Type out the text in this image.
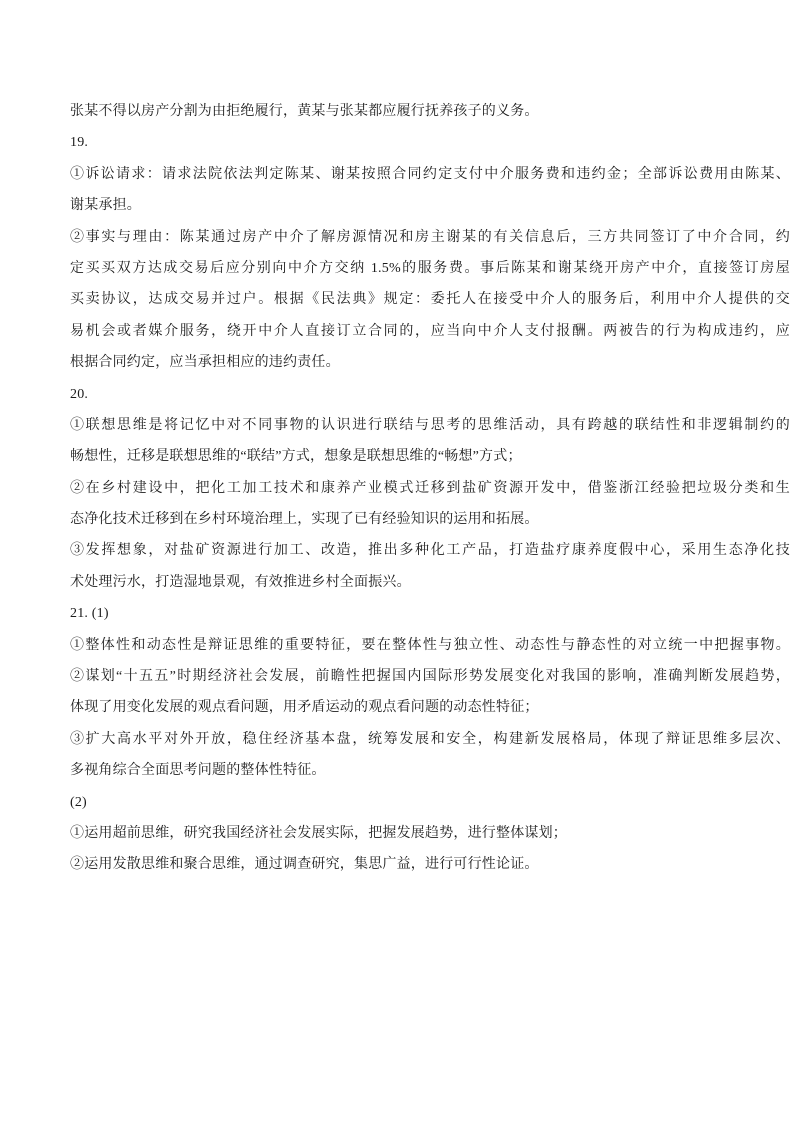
张某不得以房产分割为由拒绝履行，黄某与张某都应履行抚养孩子的义务。
19.
①诉讼请求：请求法院依法判定陈某、谢某按照合同约定支付中介服务费和违约金；全部诉讼费用由陈某、
谢某承担。
②事实与理由：陈某通过房产中介了解房源情况和房主谢某的有关信息后，三方共同签订了中介合同，约
定买买双方达成交易后应分别向中介方交纳 1.5%的服务费。事后陈某和谢某绕开房产中介，直接签订房屋
买卖协议，达成交易并过户。根据《民法典》规定：委托人在接受中介人的服务后，利用中介人提供的交
易机会或者媒介服务，绕开中介人直接订立合同的，应当向中介人支付报酬。两被告的行为构成违约，应
根据合同约定，应当承担相应的违约责任。
20.
①联想思维是将记忆中对不同事物的认识进行联结与思考的思维活动，具有跨越的联结性和非逻辑制约的
畅想性，迁移是联想思维的“联结”方式，想象是联想思维的“畅想”方式；
②在乡村建设中，把化工加工技术和康养产业模式迁移到盐矿资源开发中，借鉴浙江经验把垃圾分类和生
态净化技术迁移到在乡村环境治理上，实现了已有经验知识的运用和拓展。
③发挥想象，对盐矿资源进行加工、改造，推出多种化工产品，打造盐疗康养度假中心，采用生态净化技
术处理污水，打造湿地景观，有效推进乡村全面振兴。
21. (1)
①整体性和动态性是辩证思维的重要特征，要在整体性与独立性、动态性与静态性的对立统一中把握事物。
②谋划“十五五”时期经济社会发展，前瞻性把握国内国际形势发展变化对我国的影响，准确判断发展趋势，
体现了用变化发展的观点看问题，用矛盾运动的观点看问题的动态性特征；
③扩大高水平对外开放，稳住经济基本盘，统筹发展和安全，构建新发展格局，体现了辩证思维多层次、
多视角综合全面思考问题的整体性特征。
(2)
①运用超前思维，研究我国经济社会发展实际，把握发展趋势，进行整体谋划；
②运用发散思维和聚合思维，通过调查研究，集思广益，进行可行性论证。
